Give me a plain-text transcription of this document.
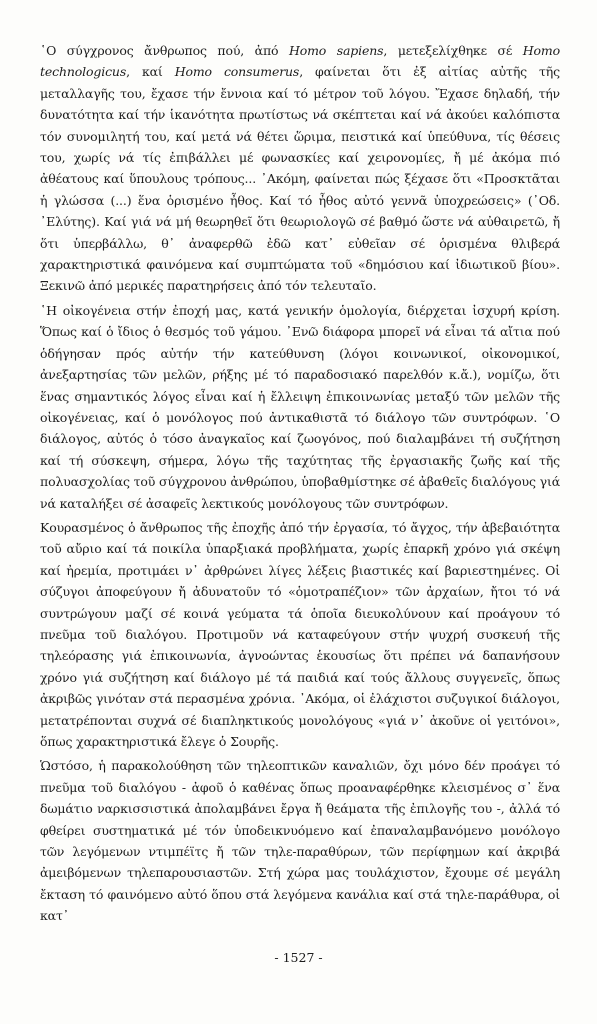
῾Ο σύγχρονος ἄνθρωπος πού, ἀπό Homo sapiens, μετεξελίχθηκε σέ Homo technologicus, καί Homo consumerus, φαίνεται ὅτι ἐξ αἰτίας αὐτῆς τῆς μεταλλαγῆς του, ἔχασε τήν ἔννοια καί τό μέτρον τοῦ λόγου. Ἔχασε δηλαδή, τήν δυνατότητα καί τήν ἱκανότητα πρωτίστως νά σκέπτεται καί νά ἀκούει καλόπιστα τόν συνομιλητή του, καί μετά νά θέτει ὥριμα, πειστικά καί ὑπεύθυνα, τίς θέσεις του, χωρίς νά τίς ἐπιβάλλει μέ φωνασκίες καί χειρονομίες, ἤ μέ ἀκόμα πιό ἀθέατους καί ὕπουλους τρόπους... ᾿Ακόμη, φαίνεται πώς ξέχασε ὅτι «Προσκτᾶται ἡ γλώσσα (...) ἕνα ὁρισμένο ἦθος. Καί τό ἦθος αὐτό γεννᾶ ὑποχρεώσεις» (᾿Οδ. ᾿Ελύτης). Καί γιά νά μή θεωρηθεῖ ὅτι θεωριολογῶ σέ βαθμό ὥστε νά αὐθαιρετῶ, ἤ ὅτι ὑπερβάλλω, θ᾿ ἀναφερθῶ ἐδῶ κατ᾿ εὐθεῖαν σέ ὁρισμένα θλιβερά χαρακτηριστικά φαινόμενα καί συμπτώματα τοῦ «δημόσιου καί ἰδιωτικοῦ βίου». Ξεκινῶ ἀπό μερικές παρατηρήσεις ἀπό τόν τελευταῖο.

῾Η οἰκογένεια στήν ἐποχή μας, κατά γενικήν ὁμολογία, διέρχεται ἰσχυρή κρίση. Ὅπως καί ὁ ἴδιος ὁ θεσμός τοῦ γάμου. ᾿Ενῶ διάφορα μπορεῖ νά εἶναι τά αἴτια πού ὁδήγησαν πρός αὐτήν τήν κατεύθυνση (λόγοι κοινωνικοί, οἰκονομικοί, ἀνεξαρτησίας τῶν μελῶν, ρήξης μέ τό παραδοσιακό παρελθόν κ.ἄ.), νομίζω, ὅτι ἕνας σημαντικός λόγος εἶναι καί ἡ ἔλλειψη ἐπικοινωνίας μεταξύ τῶν μελῶν τῆς οἰκογένειας, καί ὁ μονόλογος πού ἀντικαθιστᾶ τό διάλογο τῶν συντρόφων. ῾Ο διάλογος, αὐτός ὁ τόσο ἀναγκαῖος καί ζωογόνος, πού διαλαμβάνει τή συζήτηση καί τή σύσκεψη, σήμερα, λόγω τῆς ταχύτητας τῆς ἐργασιακῆς ζωῆς καί τῆς πολυασχολίας τοῦ σύγχρονου ἀνθρώπου, ὑποβαθμίστηκε σέ ἀβαθεῖς διαλόγους γιά νά καταλήξει σέ ἀσαφεῖς λεκτικούς μονόλογους τῶν συντρόφων.

Κουρασμένος ὁ ἄνθρωπος τῆς ἐποχῆς ἀπό τήν ἐργασία, τό ἄγχος, τήν ἀβεβαιότητα τοῦ αὔριο καί τά ποικίλα ὑπαρξιακά προβλήματα, χωρίς ἐπαρκῆ χρόνο γιά σκέψη καί ἠρεμία, προτιμάει ν᾿ ἀρθρώνει λίγες λέξεις βιαστικές καί βαριεστημένες. Οἱ σύζυγοι ἀποφεύγουν ἤ ἀδυνατοῦν τό «ὁμοτραπέζιον» τῶν ἀρχαίων, ἤτοι τό νά συντρώγουν μαζί σέ κοινά γεύματα τά ὁποῖα διευκολύνουν καί προάγουν τό πνεῦμα τοῦ διαλόγου. Προτιμοῦν νά καταφεύγουν στήν ψυχρή συσκευή τῆς τηλεόρασης γιά ἐπικοινωνία, ἀγνοώντας ἑκουσίως ὅτι πρέπει νά δαπανήσουν χρόνο γιά συζήτηση καί διάλογο μέ τά παιδιά καί τούς ἄλλους συγγενεῖς, ὅπως ἀκριβῶς γινόταν στά περασμένα χρόνια. ᾿Ακόμα, οἱ ἐλάχιστοι συζυγικοί διάλογοι, μετατρέπονται συχνά σέ διαπληκτικούς μονολόγους «γιά ν᾿ ἀκοῦνε οἱ γειτόνοι», ὅπως χαρακτηριστικά ἔλεγε ὁ Σουρῆς.

Ὡστόσο, ἡ παρακολούθηση τῶν τηλεοπτικῶν καναλιῶν, ὄχι μόνο δέν προάγει τό πνεῦμα τοῦ διαλόγου - ἀφοῦ ὁ καθένας ὅπως προαναφέρθηκε κλεισμένος σ᾿ ἕνα δωμάτιο ναρκισσιστικά ἀπολαμβάνει ἔργα ἤ θεάματα τῆς ἐπιλογῆς του -, ἀλλά τό φθείρει συστηματικά μέ τόν ὑποδεικνυόμενο καί ἐπαναλαμβανόμενο μονόλογο τῶν λεγόμενων ντιμπέϊτς ἤ τῶν τηλε-παραθύρων, τῶν περίφημων καί ἀκριβά ἀμειβόμενων τηλεπαρουσιαστῶν. Στή χώρα μας τουλάχιστον, ἔχουμε σέ μεγάλη ἔκταση τό φαινόμενο αὐτό ὅπου στά λεγόμενα κανάλια καί στά τηλε-παράθυρα, οἱ κατ᾿

- 1527 -
